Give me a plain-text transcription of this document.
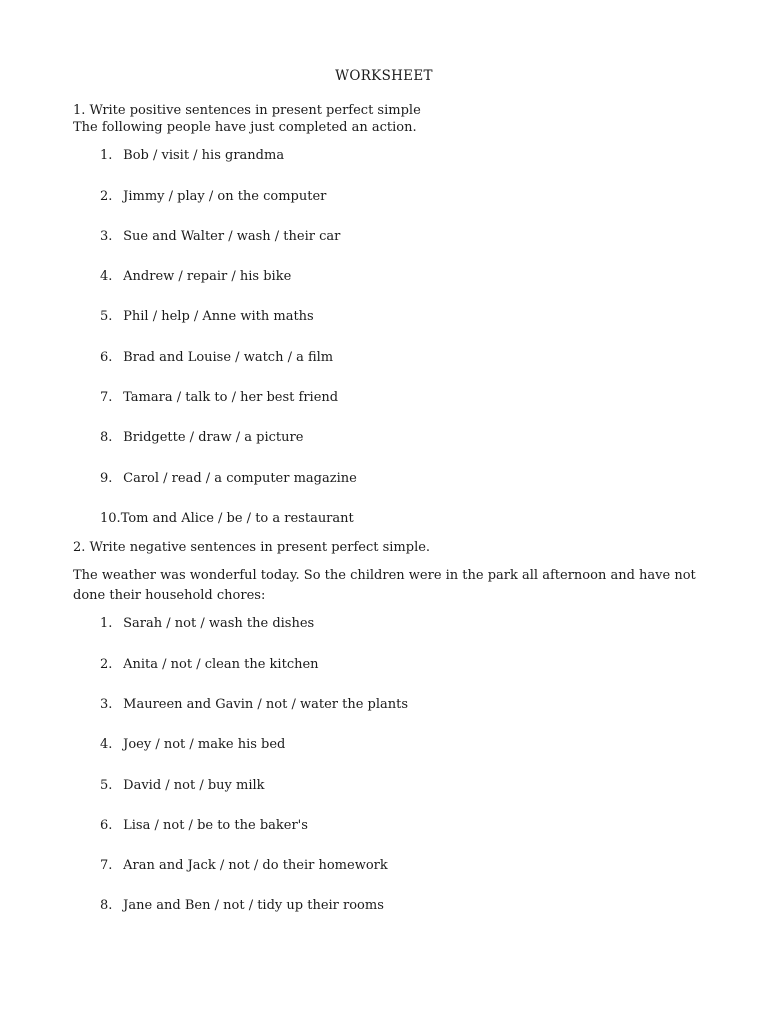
WORKSHEET
1. Write positive sentences in present perfect simple
The following people have just completed an action.
1. Bob / visit / his grandma
2. Jimmy / play / on the computer
3. Sue and Walter / wash / their car
4. Andrew / repair / his bike
5. Phil / help / Anne with maths
6. Brad and Louise / watch / a film
7. Tamara / talk to / her best friend
8. Bridgette / draw / a picture
9. Carol / read / a computer magazine
10.Tom and Alice / be / to a restaurant
2. Write negative sentences in present perfect simple.
The weather was wonderful today. So the children were in the park all afternoon and have not done their household chores:
1. Sarah / not / wash the dishes
2. Anita / not / clean the kitchen
3. Maureen and Gavin / not / water the plants
4. Joey / not / make his bed
5. David / not / buy milk
6. Lisa / not / be to the baker's
7. Aran and Jack / not / do their homework
8. Jane and Ben / not / tidy up their rooms
